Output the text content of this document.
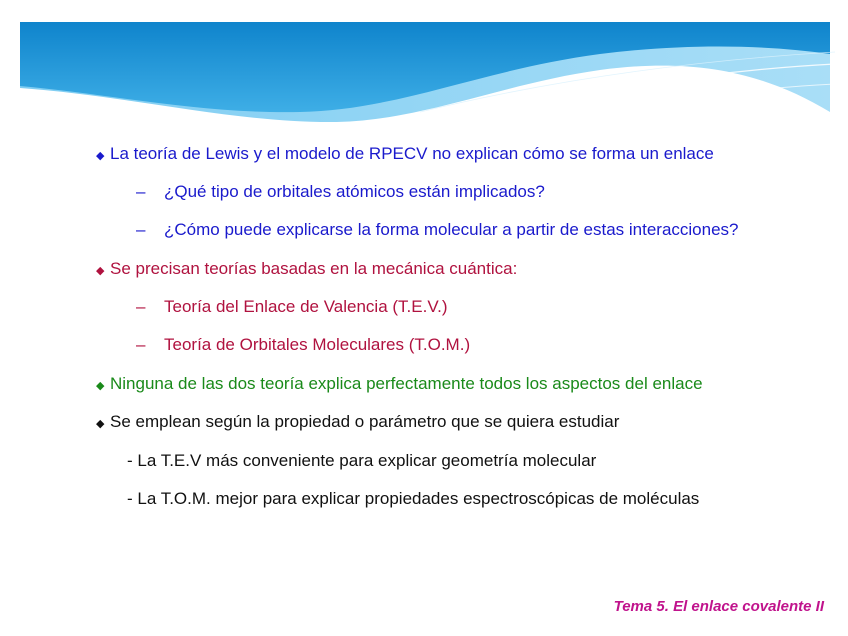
◆ La teoría de Lewis y el modelo de RPECV no explican cómo se forma un enlace
– ¿Qué tipo de orbitales atómicos están implicados?
– ¿Cómo puede explicarse la forma molecular a partir de estas interacciones?
◆ Se precisan teorías basadas en la mecánica cuántica:
– Teoría del Enlace de Valencia (T.E.V.)
– Teoría de Orbitales Moleculares (T.O.M.)
◆ Ninguna de las dos teoría explica perfectamente todos los aspectos del enlace
◆ Se emplean según la propiedad o parámetro que se quiera estudiar
- La T.E.V más conveniente para explicar geometría molecular
- La T.O.M. mejor para explicar propiedades espectroscópicas de moléculas
Tema 5. El enlace covalente II
